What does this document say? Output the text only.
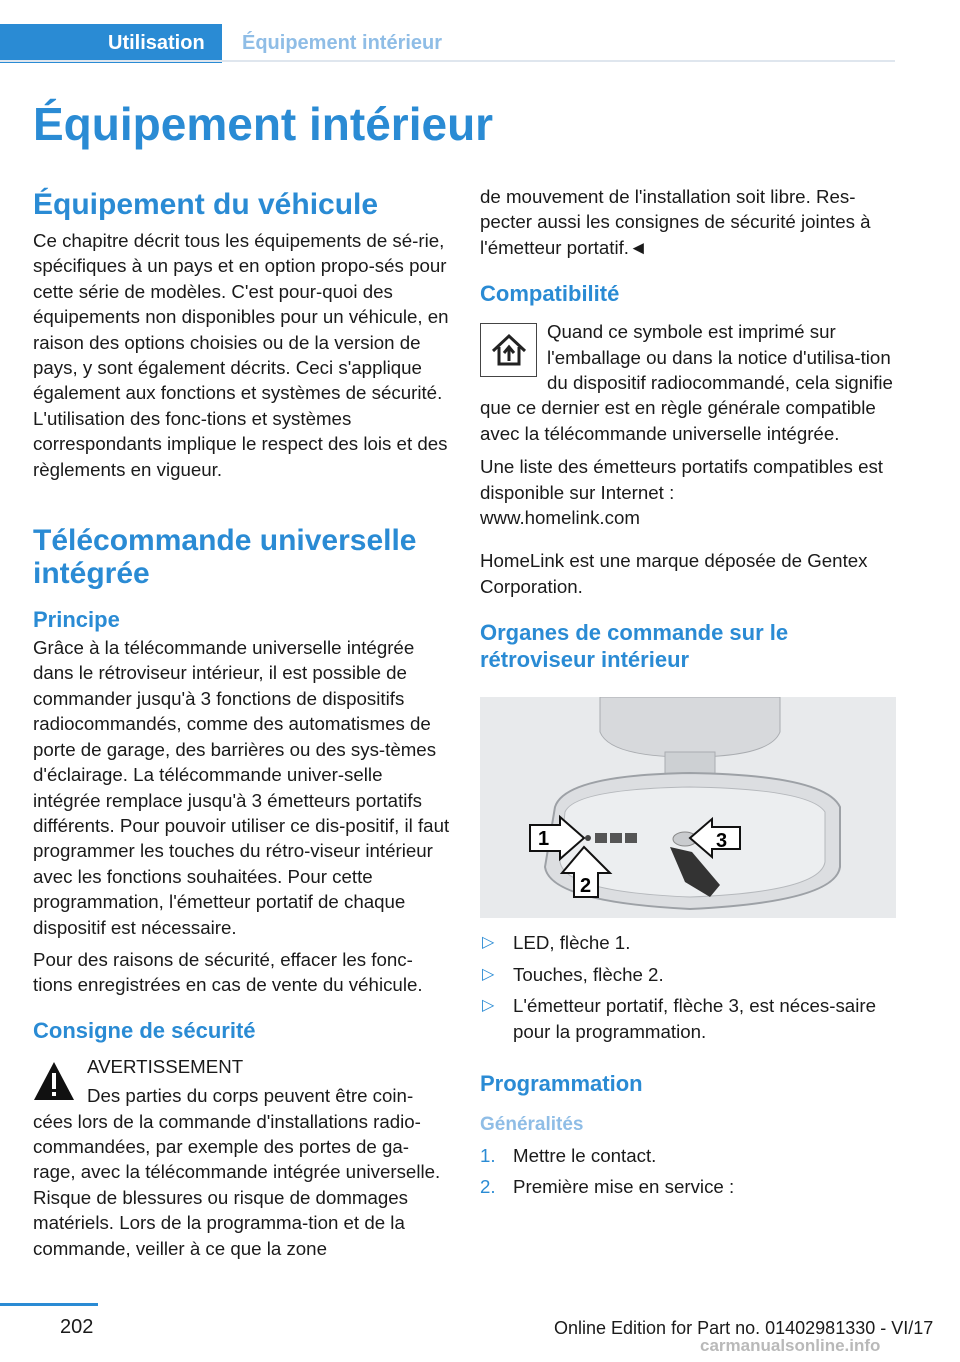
Utilisation	Équipement intérieur
Équipement intérieur

Équipement du véhicule

Ce chapitre décrit tous les équipements de sé-rie, spécifiques à un pays et en option propo-sés pour cette série de modèles. C'est pour-quoi des équipements non disponibles pour un véhicule, en raison des options choisies ou de la version de pays, y sont également décrits. Ceci s'applique également aux fonctions et systèmes de sécurité. L'utilisation des fonc-tions et systèmes correspondants implique le respect des lois et des règlements en vigueur.

Télécommande universelle intégrée

Principe

Grâce à la télécommande universelle intégrée dans le rétroviseur intérieur, il est possible de commander jusqu'à 3 fonctions de dispositifs radiocommandés, comme des automatismes de porte de garage, des barrières ou des sys-tèmes d'éclairage. La télécommande univer-selle intégrée remplace jusqu'à 3 émetteurs portatifs différents. Pour pouvoir utiliser ce dis-positif, il faut programmer les touches du rétro-viseur intérieur avec les fonctions souhaitées. Pour cette programmation, l'émetteur portatif de chaque dispositif est nécessaire.

Pour des raisons de sécurité, effacer les fonc-tions enregistrées en cas de vente du véhicule.

Consigne de sécurité

AVERTISSEMENT

Des parties du corps peuvent être coin-cées lors de la commande d'installations radio-commandées, par exemple des portes de ga-rage, avec la télécommande intégrée universelle. Risque de blessures ou risque de dommages matériels. Lors de la programma-tion et de la commande, veiller à ce que la zone

de mouvement de l'installation soit libre. Res-pecter aussi les consignes de sécurité jointes à l'émetteur portatif.◄

Compatibilité

Quand ce symbole est imprimé sur l'emballage ou dans la notice d'utilisa-tion du dispositif radiocommandé, cela signifie que ce dernier est en règle générale compatible avec la télécommande universelle intégrée.

Une liste des émetteurs portatifs compatibles est disponible sur Internet :

www.homelink.com

HomeLink est une marque déposée de Gentex Corporation.

Organes de commande sur le rétroviseur intérieur

1
2
3
▷ LED, flèche 1.
▷ Touches, flèche 2.
▷ L'émetteur portatif, flèche 3, est néces-saire pour la programmation.

Programmation

Généralités

1. Mettre le contact.
2. Première mise en service :
202	Online Edition for Part no. 01402981330 - VI/17
carmanualsonline.info
